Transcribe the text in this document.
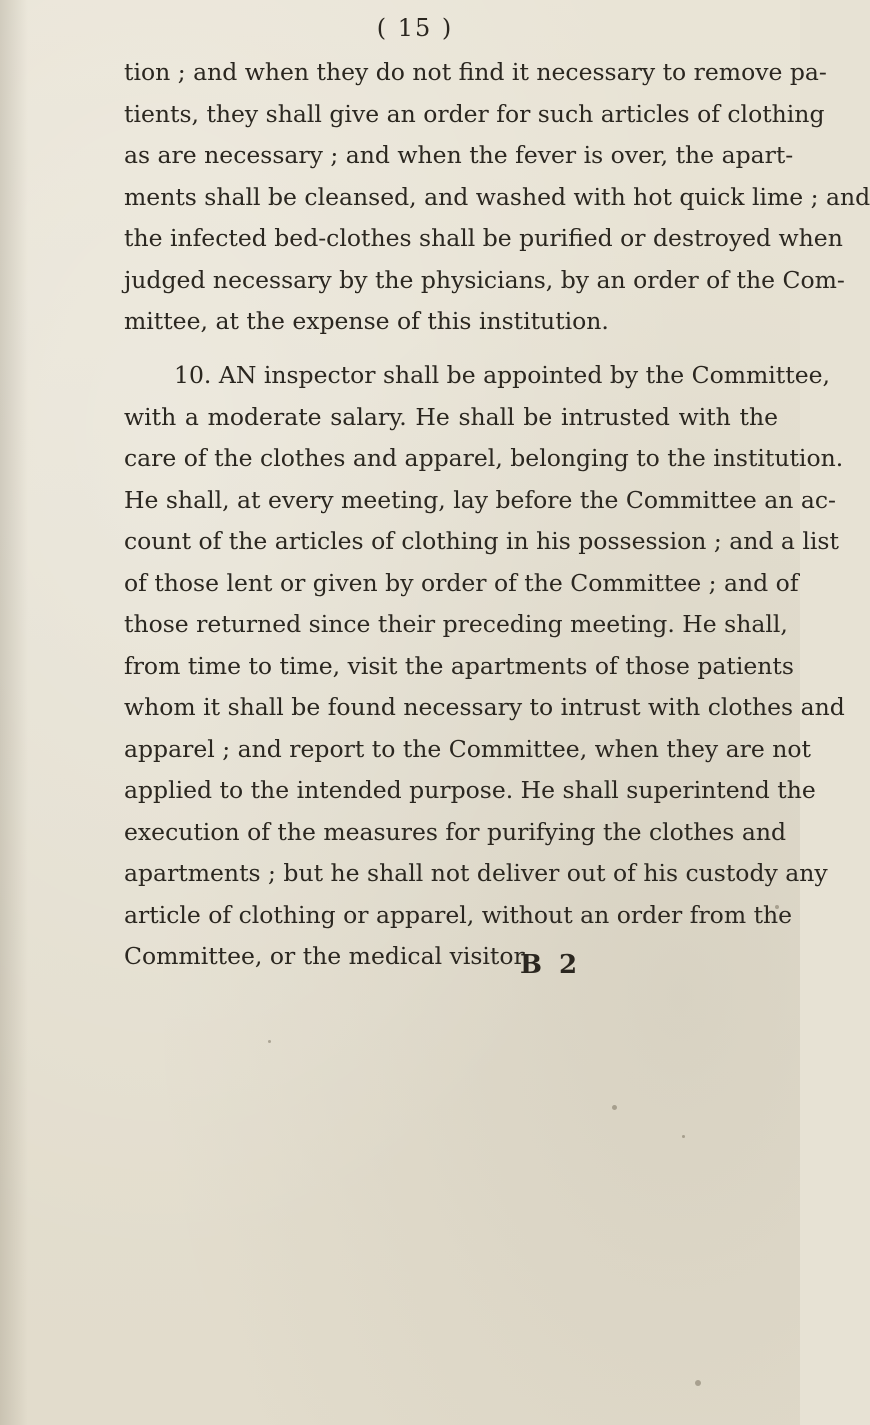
( 15 )
tion ; and when they do not find it necessary to remove pa-
tients, they shall give an order for such articles of clothing
as are necessary ; and when the fever is over, the apart-
ments shall be cleansed, and washed with hot quick lime ; and
the infected bed-clothes shall be purified or destroyed when
judged necessary by the physicians, by an order of the Com-
mittee, at the expense of this institution.
10. AN inspector shall be appointed by the Committee,
with a moderate salary. He shall be intrusted with the
care of the clothes and apparel, belonging to the institution.
He shall, at every meeting, lay before the Committee an ac-
count of the articles of clothing in his possession ; and a list
of those lent or given by order of the Committee ; and of
those returned since their preceding meeting. He shall,
from time to time, visit the apartments of those patients
whom it shall be found necessary to intrust with clothes and
apparel ; and report to the Committee, when they are not
applied to the intended purpose. He shall superintend the
execution of the measures for purifying the clothes and
apartments ; but he shall not deliver out of his custody any
article of clothing or apparel, without an order from the
Committee, or the medical visitor.
B 2
